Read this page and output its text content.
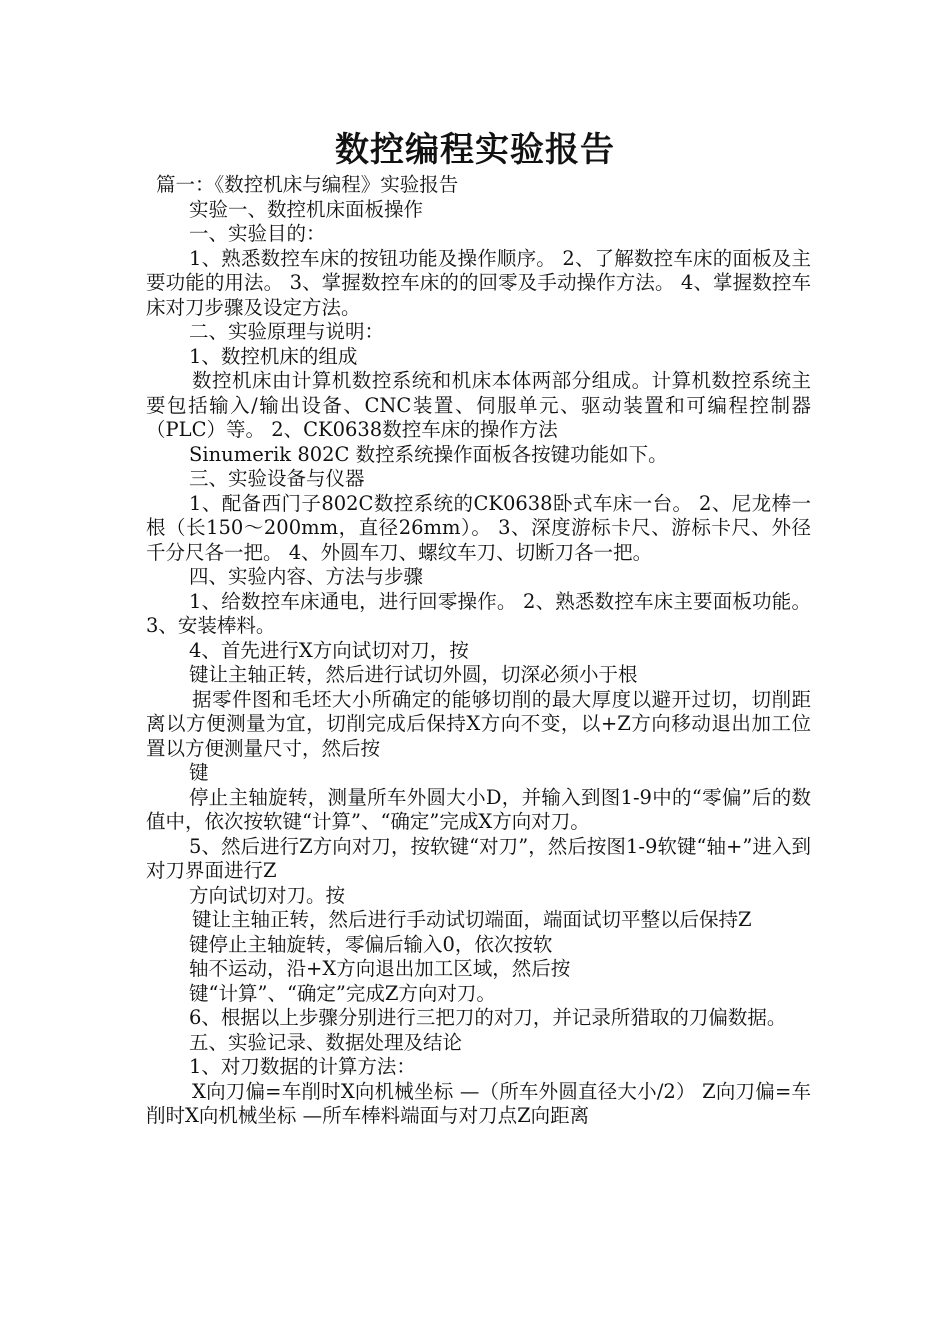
数控编程实验报告

篇一：《数控机床与编程》实验报告

实验一、数控机床面板操作

一、实验目的：

1、熟悉数控车床的按钮功能及操作顺序。 2、了解数控车床的面板及主要功能的用法。 3、掌握数控车床的的回零及手动操作方法。 4、掌握数控车床对刀步骤及设定方法。

二、实验原理与说明：

1、数控机床的组成

数控机床由计算机数控系统和机床本体两部分组成。计算机数控系统主要包括输入/输出设备、CNC装置、伺服单元、驱动装置和可编程控制器（PLC）等。 2、CK0638数控车床的操作方法

Sinumerik 802C 数控系统操作面板各按键功能如下。

三、实验设备与仪器

1、配备西门子802C数控系统的CK0638卧式车床一台。 2、尼龙棒一根（长150～200mm，直径26mm）。 3、深度游标卡尺、游标卡尺、外径千分尺各一把。 4、外圆车刀、螺纹车刀、切断刀各一把。

四、实验内容、方法与步骤

1、给数控车床通电，进行回零操作。 2、熟悉数控车床主要面板功能。 3、安装棒料。

4、首先进行X方向试切对刀，按

键让主轴正转，然后进行试切外圆，切深必须小于根

据零件图和毛坯大小所确定的能够切削的最大厚度以避开过切，切削距离以方便测量为宜，切削完成后保持X方向不变，以+Z方向移动退出加工位置以方便测量尺寸，然后按

键

停止主轴旋转，测量所车外圆大小D，并输入到图1-9中的“零偏”后的数值中，依次按软键“计算”、“确定”完成X方向对刀。

5、然后进行Z方向对刀，按软键“对刀”，然后按图1-9软键“轴+”进入到对刀界面进行Z

方向试切对刀。按

键让主轴正转，然后进行手动试切端面，端面试切平整以后保持Z

键停止主轴旋转，零偏后输入0，依次按软

轴不运动，沿+X方向退出加工区域，然后按

键“计算”、“确定”完成Z方向对刀。

6、根据以上步骤分别进行三把刀的对刀，并记录所猎取的刀偏数据。

五、实验记录、数据处理及结论

1、对刀数据的计算方法：

X向刀偏=车削时X向机械坐标 —（所车外圆直径大小/2） Z向刀偏=车削时X向机械坐标 —所车棒料端面与对刀点Z向距离
